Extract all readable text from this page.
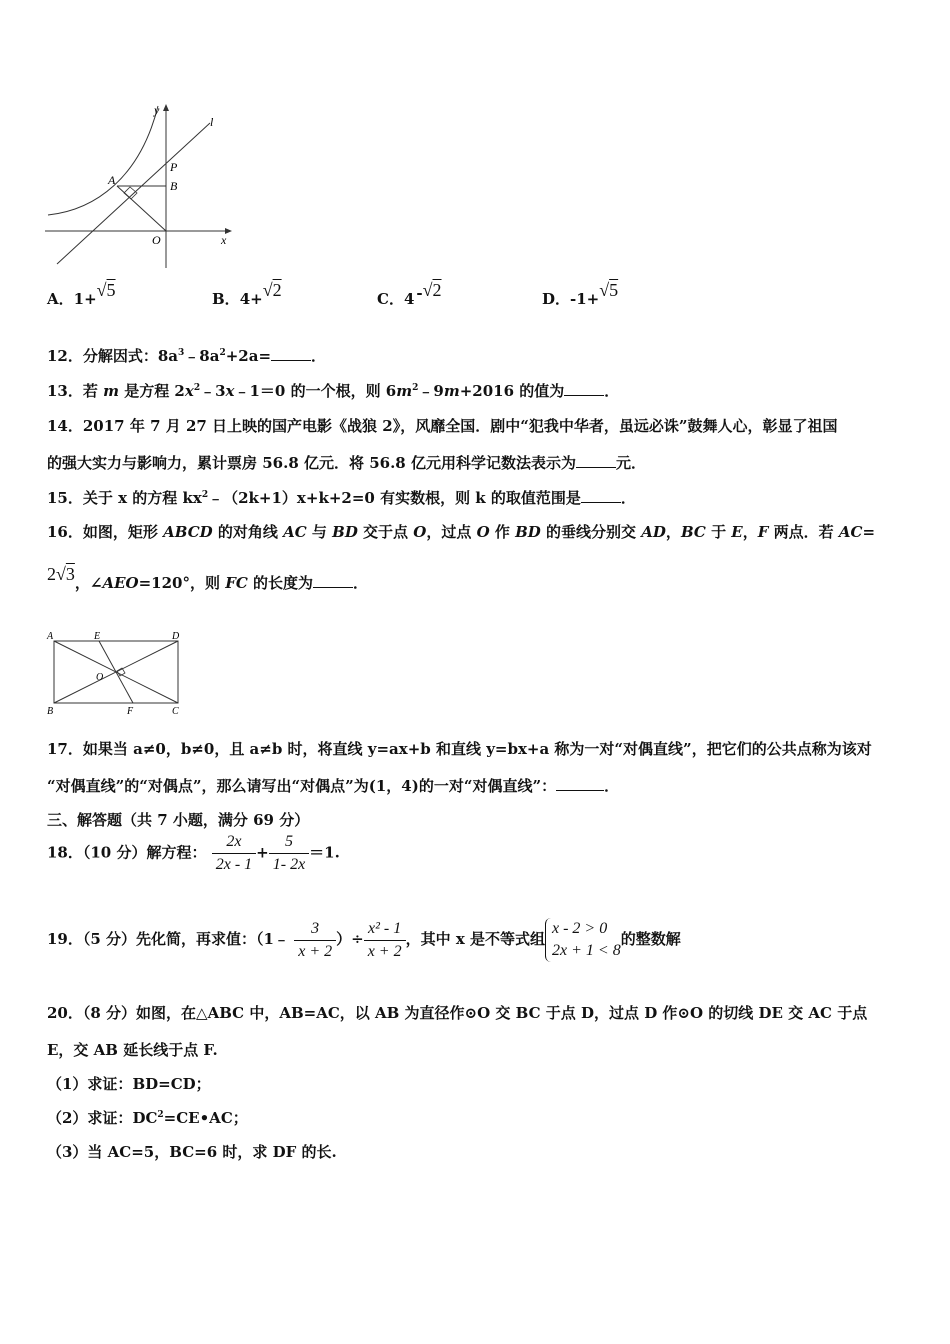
y
l
P
A	B
O	x
A．1+√5	B．4+√2	C．4 -√2	D．-1+√5
12．分解因式：$8a^3﹣8a^2+2a=$	．
13．若 m 是方程 $2x^2﹣3x﹣1=0$ 的一个根，则 $6m^2﹣9m+2016$ 的值为	．
14．2017 年 7 月 27 日上映的国产电影《战狼 2》，风靡全国．剧中“犯我中华者，虽远必诛”鼓舞人心，彰显了祖国
的强大实力与影响力，累计票房 56.8 亿元．将 56.8 亿元用科学记数法表示为	元．
15．关于 x 的方程 $kx^2﹣(2k+1)x+k+2=0$ 有实数根，则 k 的取值范围是	．
16．如图，矩形 ABCD 的对角线 AC 与 BD 交于点 O，过点 O 作 BD 的垂线分别交 AD，BC 于 E，F 两点．若 AC=
2√3，∠AEO=120°，则 FC 的长度为	．
A	E	D
O
B	F	C
17．如果当 a≠0，b≠0，且 a≠b 时，将直线 y=ax+b 和直线 y=bx+a 称为一对“对偶直线”，把它们的公共点称为该对
“对偶直线”的“对偶点”，那么请写出“对偶点”为(1，4)的一对“对偶直线”：	．
三、解答题（共 7 小题，满分 69 分）
18．（10 分）解方程： $\frac{2x}{2x - 1} + \frac{5}{1- 2x} =1$.
19．（5 分）先化简，再求值：（1﹣ $\frac{3}{x + 2}$ ）÷ $\frac{\text{x² - 1}}{x + 2}$ ，其中 x 是不等式组
x - 2 > 0
2x + 1 < 8
的整数解
20．（8 分）如图，在△ABC 中，AB=AC，以 AB 为直径作⊙O 交 BC 于点 D，过点 D 作⊙O 的切线 DE 交 AC 于点
E，交 AB 延长线于点 F.
（1）求证：BD=CD；
（2）求证：$DC^2=CE•AC$；
（3）当 AC=5，BC=6 时，求 DF 的长.
